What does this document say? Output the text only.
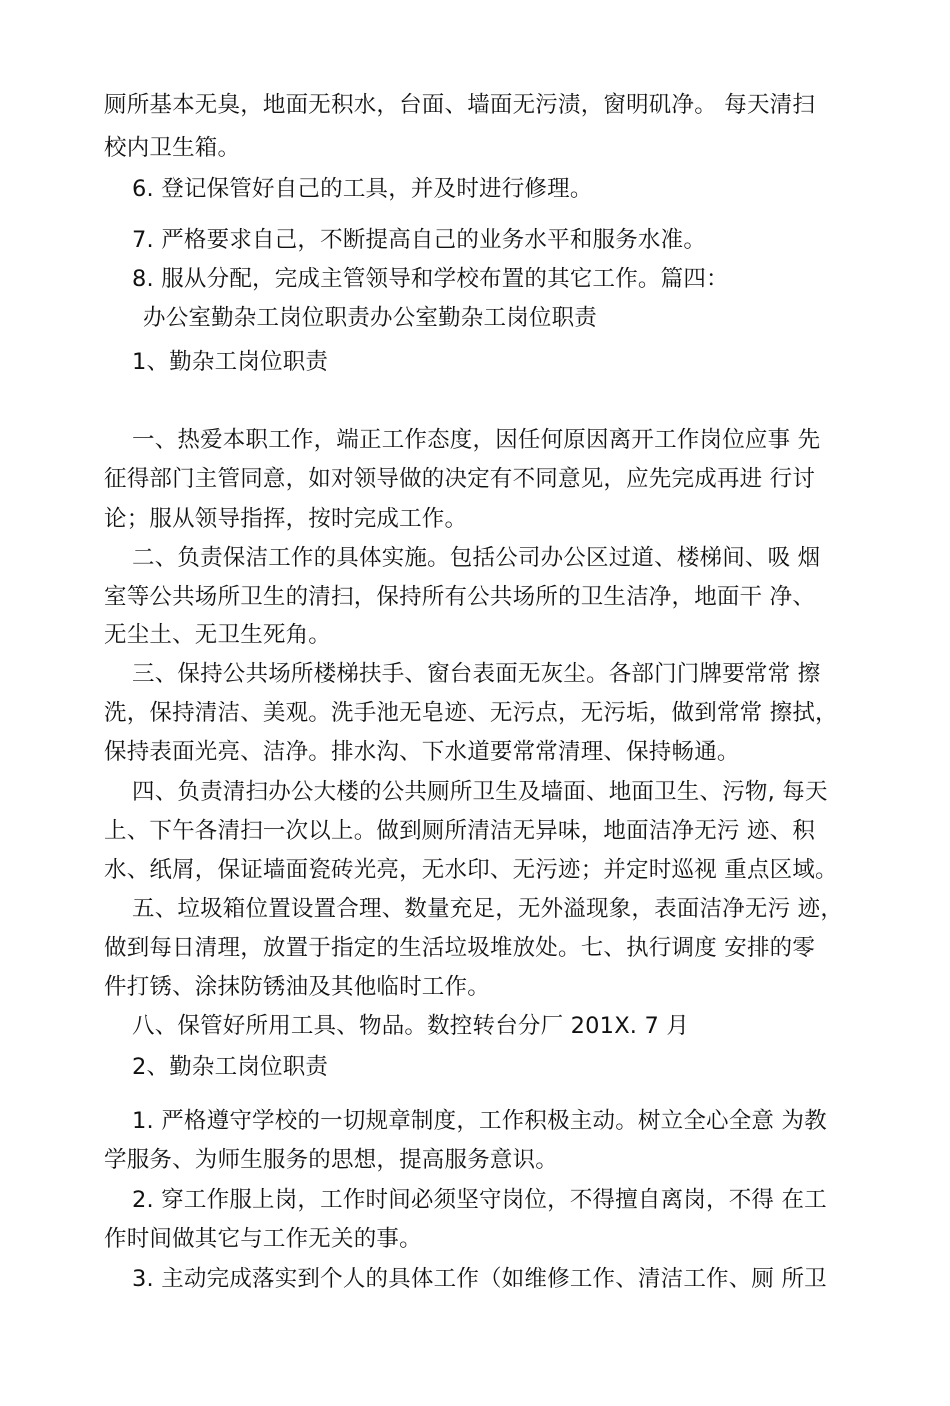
厕所基本无臭，地面无积水，台面、墙面无污渍，窗明矶净。 每天清扫
校内卫生箱。
6. 登记保管好自己的工具，并及时进行修理。
7. 严格要求自己，不断提高自己的业务水平和服务水准。
8. 服从分配，完成主管领导和学校布置的其它工作。篇四：
办公室勤杂工岗位职责办公室勤杂工岗位职责
1、勤杂工岗位职责
一、热爱本职工作，端正工作态度，因任何原因离开工作岗位应事 先
征得部门主管同意，如对领导做的决定有不同意见，应先完成再进 行讨
论；服从领导指挥，按时完成工作。
二、负责保洁工作的具体实施。包括公司办公区过道、楼梯间、吸 烟
室等公共场所卫生的清扫，保持所有公共场所的卫生洁净，地面干 净、
无尘土、无卫生死角。
三、保持公共场所楼梯扶手、窗台表面无灰尘。各部门门牌要常常 擦
洗，保持清洁、美观。洗手池无皂迹、无污点，无污垢，做到常常 擦拭，
保持表面光亮、洁净。排水沟、下水道要常常清理、保持畅通。
四、负责清扫办公大楼的公共厕所卫生及墙面、地面卫生、污物, 每天
上、下午各清扫一次以上。做到厕所清洁无异味，地面洁净无污 迹、积
水、纸屑，保证墙面瓷砖光亮，无水印、无污迹；并定时巡视 重点区域。
五、垃圾箱位置设置合理、数量充足，无外溢现象，表面洁净无污 迹，
做到每日清理，放置于指定的生活垃圾堆放处。七、执行调度 安排的零
件打锈、涂抹防锈油及其他临时工作。
八、保管好所用工具、物品。数控转台分厂 201X. 7 月
2、勤杂工岗位职责
1. 严格遵守学校的一切规章制度，工作积极主动。树立全心全意 为教
学服务、为师生服务的思想，提高服务意识。
2. 穿工作服上岗，工作时间必须坚守岗位，不得擅自离岗，不得 在工
作时间做其它与工作无关的事。
3. 主动完成落实到个人的具体工作（如维修工作、清洁工作、厕 所卫
